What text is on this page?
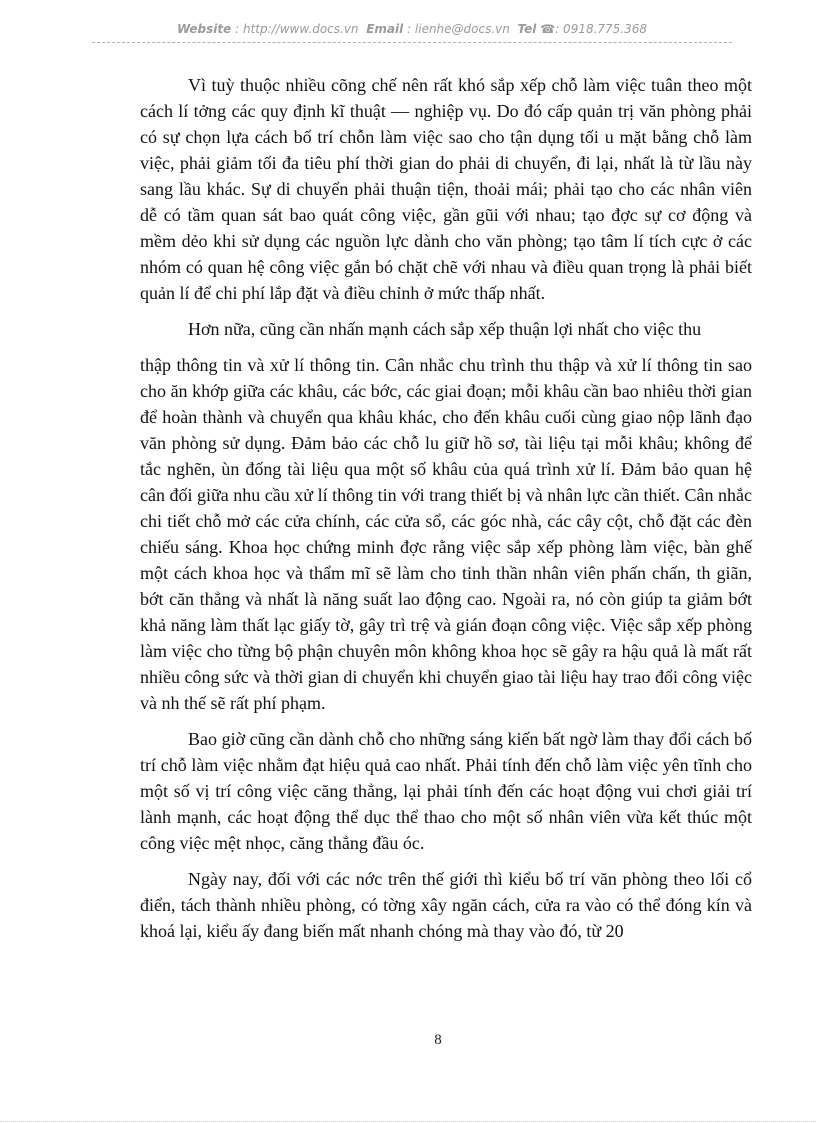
Website : http://www.docs.vn Email : lienhe@docs.vn Tel ☎: 0918.775.368

Vì tuỳ thuộc nhiều cõng chế nên rất khó sắp xếp chỗ làm việc tuân theo một cách lí tởng các quy định kĩ thuật — nghiệp vụ. Do đó cấp quản trị văn phòng phải có sự chọn lựa cách bố trí chỗn làm việc sao cho tận dụng tối u mặt bằng chỗ làm việc, phải giảm tối đa tiêu phí thời gian do phải di chuyển, đi lại, nhất là từ lầu này sang lầu khác. Sự di chuyển phải thuận tiện, thoải mái; phải tạo cho các nhân viên dễ có tầm quan sát bao quát công việc, gần gũi với nhau; tạo đợc sự cơ động và mềm dẻo khi sử dụng các nguồn lực dành cho văn phòng; tạo tâm lí tích cực ở các nhóm có quan hệ công việc gắn bó chặt chẽ với nhau và điều quan trọng là phải biết quản lí để chi phí lắp đặt và điều chỉnh ở mức thấp nhất.

Hơn nữa, cũng cần nhấn mạnh cách sắp xếp thuận lợi nhất cho việc thu

thập thông tin và xử lí thông tin. Cân nhắc chu trình thu thập và xử lí thông tin sao cho ăn khớp giữa các khâu, các bớc, các giai đoạn; mỗi khâu cần bao nhiêu thời gian để hoàn thành và chuyển qua khâu khác, cho đến khâu cuối cùng giao nộp lãnh đạo văn phòng sử dụng. Đảm bảo các chỗ lu giữ hồ sơ, tài liệu tại mỗi khâu; không để tắc nghẽn, ùn đống tài liệu qua một số khâu của quá trình xử lí. Đảm bảo quan hệ cân đối giữa nhu cầu xử lí thông tin với trang thiết bị và nhân lực cần thiết. Cân nhắc chi tiết chỗ mở các cửa chính, các cửa sổ, các góc nhà, các cây cột, chỗ đặt các đèn chiếu sáng. Khoa học chứng minh đợc rằng việc sắp xếp phòng làm việc, bàn ghế một cách khoa học và thẩm mĩ sẽ làm cho tinh thần nhân viên phấn chấn, th giãn, bớt căn thẳng và nhất là năng suất lao động cao. Ngoài ra, nó còn giúp ta giảm bớt khả năng làm thất lạc giấy tờ, gây trì trệ và gián đoạn công việc. Việc sắp xếp phòng làm việc cho từng bộ phận chuyên môn không khoa học sẽ gây ra hậu quả là mất rất nhiều công sức và thời gian di chuyển khi chuyển giao tài liệu hay trao đổi công việc và nh thế sẽ rất phí phạm.

Bao giờ cũng cần dành chỗ cho những sáng kiến bất ngờ làm thay đổi cách bố trí chỗ làm việc nhằm đạt hiệu quả cao nhất. Phải tính đến chỗ làm việc yên tĩnh cho một số vị trí công việc căng thẳng, lại phải tính đến các hoạt động vui chơi giải trí lành mạnh, các hoạt động thể dục thể thao cho một số nhân viên vừa kết thúc một công việc mệt nhọc, căng thẳng đầu óc.

Ngày nay, đối với các nớc trên thế giới thì kiểu bố trí văn phòng theo lối cổ điển, tách thành nhiều phòng, có tờng xây ngăn cách, cửa ra vào có thể đóng kín và khoá lại, kiểu ấy đang biến mất nhanh chóng mà thay vào đó, từ 20

8
